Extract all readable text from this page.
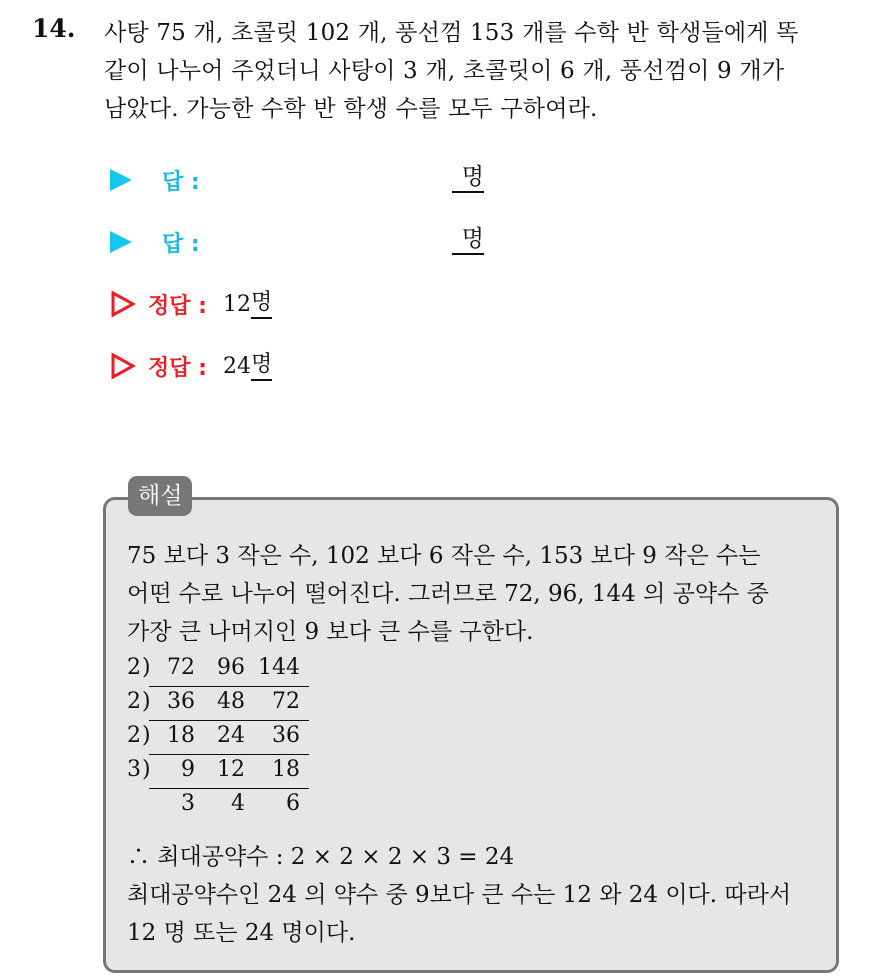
14. 사탕 75 개, 초콜릿 102 개, 풍선껌 153 개를 수학 반 학생들에게 똑
같이 나누어 주었더니 사탕이 3 개, 초콜릿이 6 개, 풍선껌이 9 개가
남았다. 가능한 수학 반 학생 수를 모두 구하여라.
답 :	명
답 :	명
정답 : 12 명
정답 : 24 명
해설
75 보다 3 작은 수, 102 보다 6 작은 수, 153 보다 9 작은 수는
어떤 수로 나누어 떨어진다. 그러므로 72, 96, 144 의 공약수 중
가장 큰 나머지인 9 보다 큰 수를 구한다.
2 ) 72	96 144
2 ) 36	48	72
2 ) 18	24	36
3 )	9	12	18
3	4	6
∴ 최대공약수 : 2 × 2 × 2 × 3 = 24
최대공약수인 24 의 약수 중 9보다 큰 수는 12 와 24 이다. 따라서
12 명 또는 24 명이다.
